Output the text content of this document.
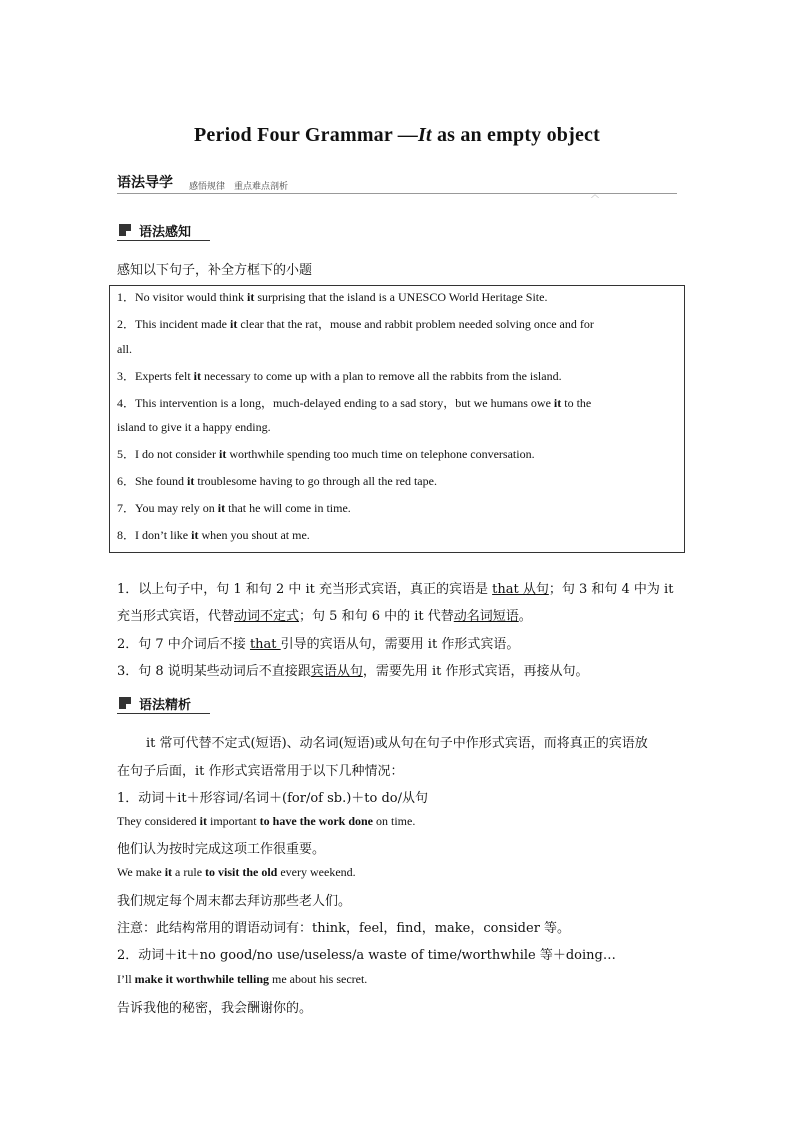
Period Four Grammar —It as an empty object
语法导学 感悟规律　重点难点剖析
︿
语法感知
感知以下句子，补全方框下的小题
1．No visitor would think it surprising that the island is a UNESCO World Heritage Site.
2．This incident made it clear that the rat，mouse and rabbit problem needed solving once and for
all.
3．Experts felt it necessary to come up with a plan to remove all the rabbits from the island.
4．This intervention is a long，much-delayed ending to a sad story，but we humans owe it to the
island to give it a happy ending.
5．I do not consider it worthwhile spending too much time on telephone conversation.
6．She found it troublesome having to go through all the red tape.
7．You may rely on it that he will come in time.
8．I don’t like it when you shout at me.
1．以上句子中，句 1 和句 2 中 it 充当形式宾语，真正的宾语是 that 从句；句 3 和句 4 中为 it
充当形式宾语，代替动词不定式；句 5 和句 6 中的 it 代替动名词短语。
2．句 7 中介词后不接 that 引导的宾语从句，需要用 it 作形式宾语。
3．句 8 说明某些动词后不直接跟宾语从句，需要先用 it 作形式宾语，再接从句。
语法精析
it 常可代替不定式(短语)、动名词(短语)或从句在句子中作形式宾语，而将真正的宾语放
在句子后面，it 作形式宾语常用于以下几种情况：
1．动词＋it＋形容词/名词＋(for/of sb.)＋to do/从句
They considered it important to have the work done on time.
他们认为按时完成这项工作很重要。
We make it a rule to visit the old every weekend.
我们规定每个周末都去拜访那些老人们。
注意：此结构常用的谓语动词有：think，feel，find，make，consider 等。
2．动词＋it＋no good/no use/useless/a waste of time/worthwhile 等＋doing…
I’ll make it worthwhile telling me about his secret.
告诉我他的秘密，我会酬谢你的。
